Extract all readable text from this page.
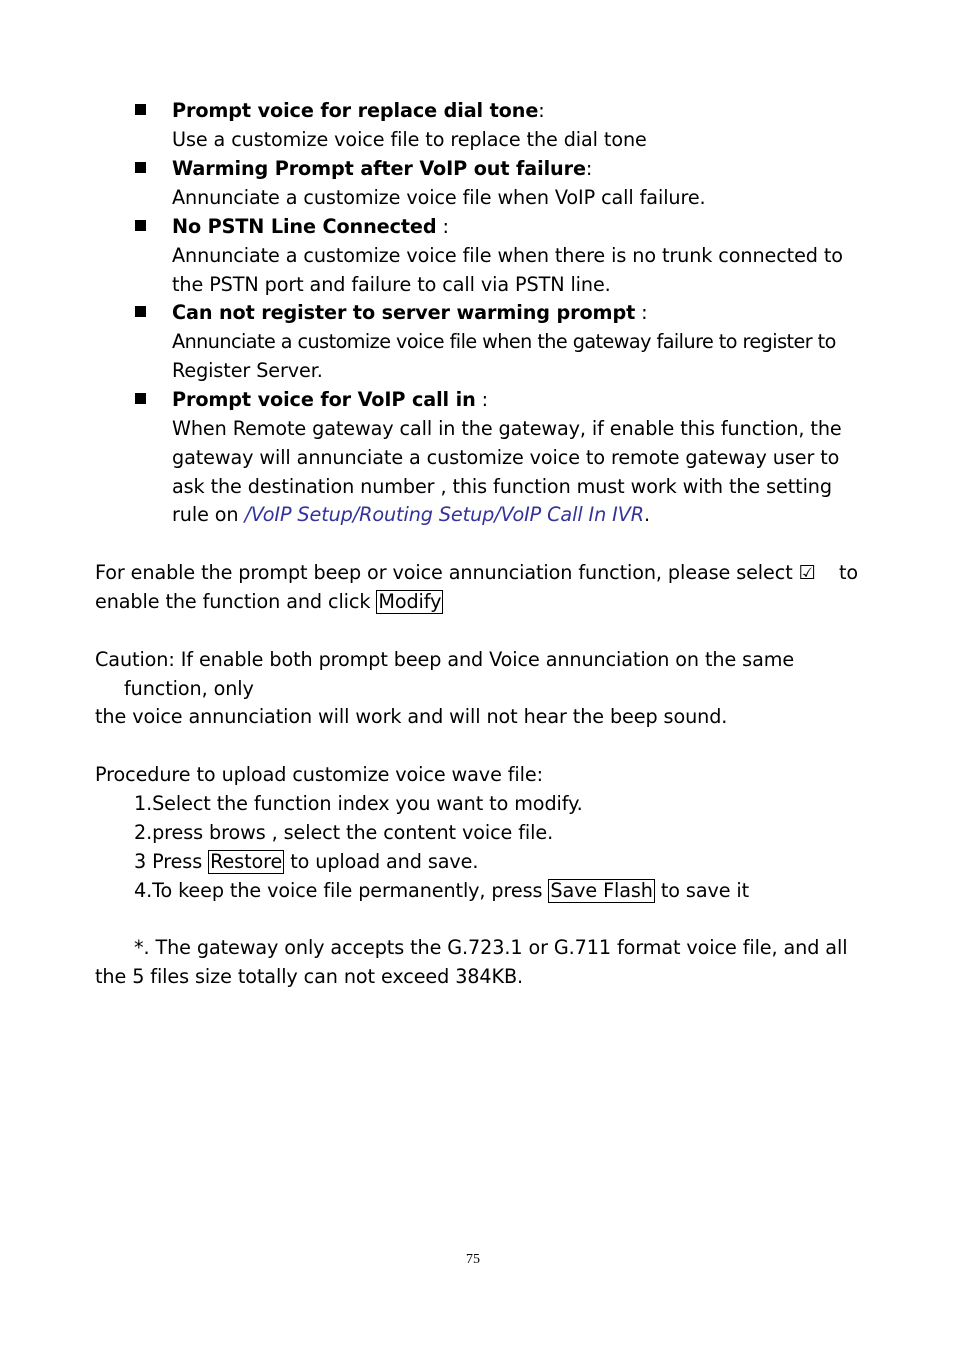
Prompt voice for replace dial tone:
Use a customize voice file to replace the dial tone
Warming Prompt after VoIP out failure:
Annunciate a customize voice file when VoIP call failure.
No PSTN Line Connected :
Annunciate a customize voice file when there is no trunk connected to
the PSTN port and failure to call via PSTN line.
Can not register to server warming prompt :
Annunciate a customize voice file when the gateway failure to register to
Register Server.
Prompt voice for VoIP call in :
When Remote gateway call in the gateway, if enable this function, the
gateway will annunciate a customize voice to remote gateway user to
ask the destination number , this function must work with the setting
rule on /VoIP Setup/Routing Setup/VoIP Call In IVR.
For enable the prompt beep or voice annunciation function, please select ☑ to
enable the function and click Modify
Caution: If enable both prompt beep and Voice annunciation on the same
function, only
the voice annunciation will work and will not hear the beep sound.
Procedure to upload customize voice wave file:
1.Select the function index you want to modify.
2.press brows , select the content voice file.
3 Press Restore to upload and save.
4.To keep the voice file permanently, press Save Flash to save it
*. The gateway only accepts the G.723.1 or G.711 format voice file, and all
the 5 files size totally can not exceed 384KB.
75
